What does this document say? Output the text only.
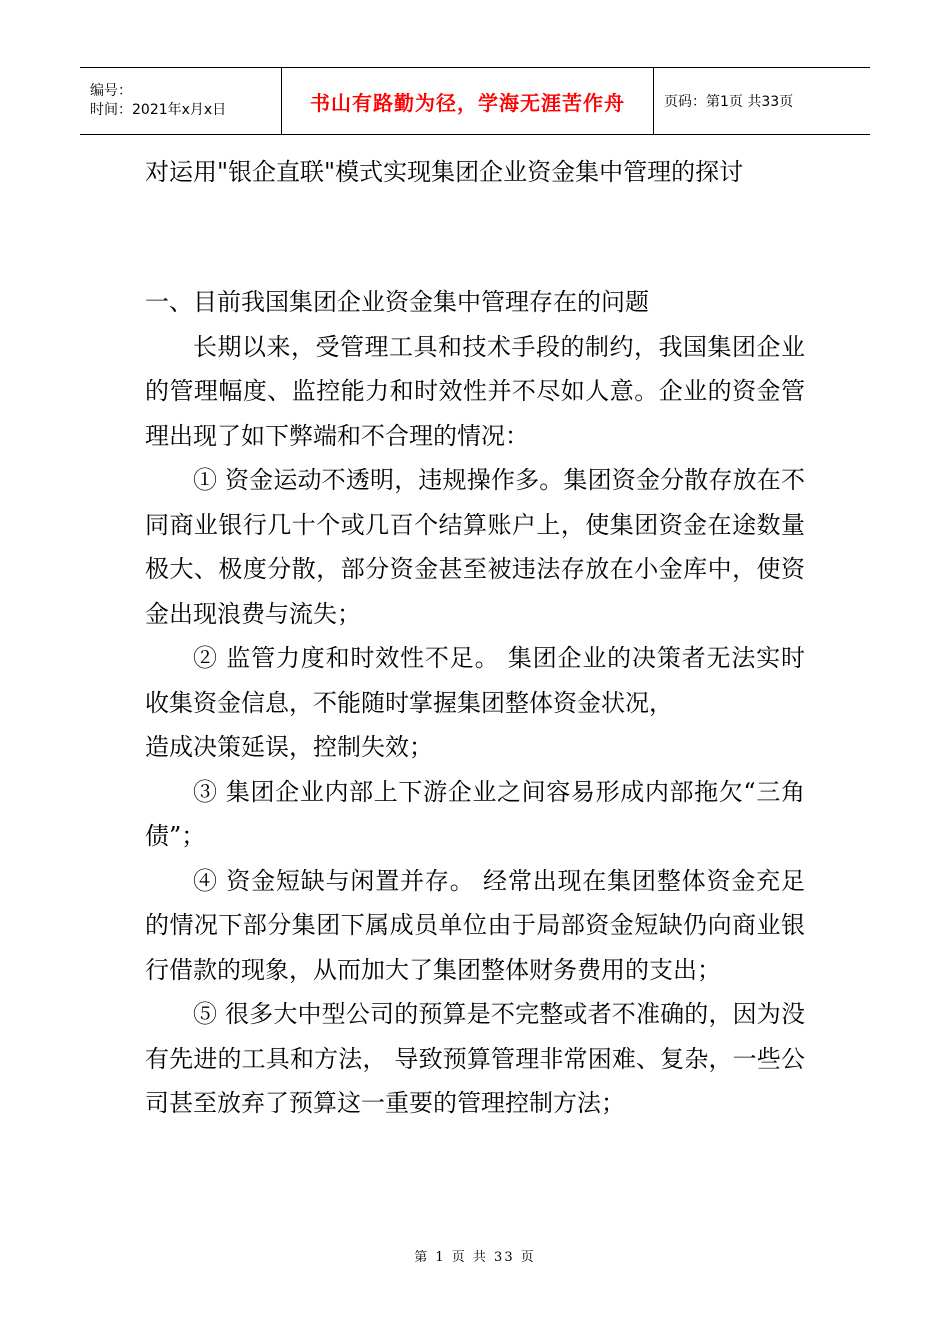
编号：
时间：2021年x月x日	书山有路勤为径，学海无涯苦作舟	页码：第1页 共33页
对运用"银企直联"模式实现集团企业资金集中管理的探讨

一、目前我国集团企业资金集中管理存在的问题

长期以来，受管理工具和技术手段的制约，我国集团企业的管理幅度、监控能力和时效性并不尽如人意。企业的资金管理出现了如下弊端和不合理的情况：

① 资金运动不透明，违规操作多。集团资金分散存放在不同商业银行几十个或几百个结算账户上，使集团资金在途数量极大、极度分散，部分资金甚至被违法存放在小金库中，使资金出现浪费与流失；

② 监管力度和时效性不足。 集团企业的决策者无法实时收集资金信息，不能随时掌握集团整体资金状况，

造成决策延误，控制失效；

③ 集团企业内部上下游企业之间容易形成内部拖欠“三角债”；

④ 资金短缺与闲置并存。 经常出现在集团整体资金充足的情况下部分集团下属成员单位由于局部资金短缺仍向商业银行借款的现象，从而加大了集团整体财务费用的支出；

⑤ 很多大中型公司的预算是不完整或者不准确的，因为没有先进的工具和方法， 导致预算管理非常困难、复杂，一些公司甚至放弃了预算这一重要的管理控制方法；

第 1 页 共 33 页
